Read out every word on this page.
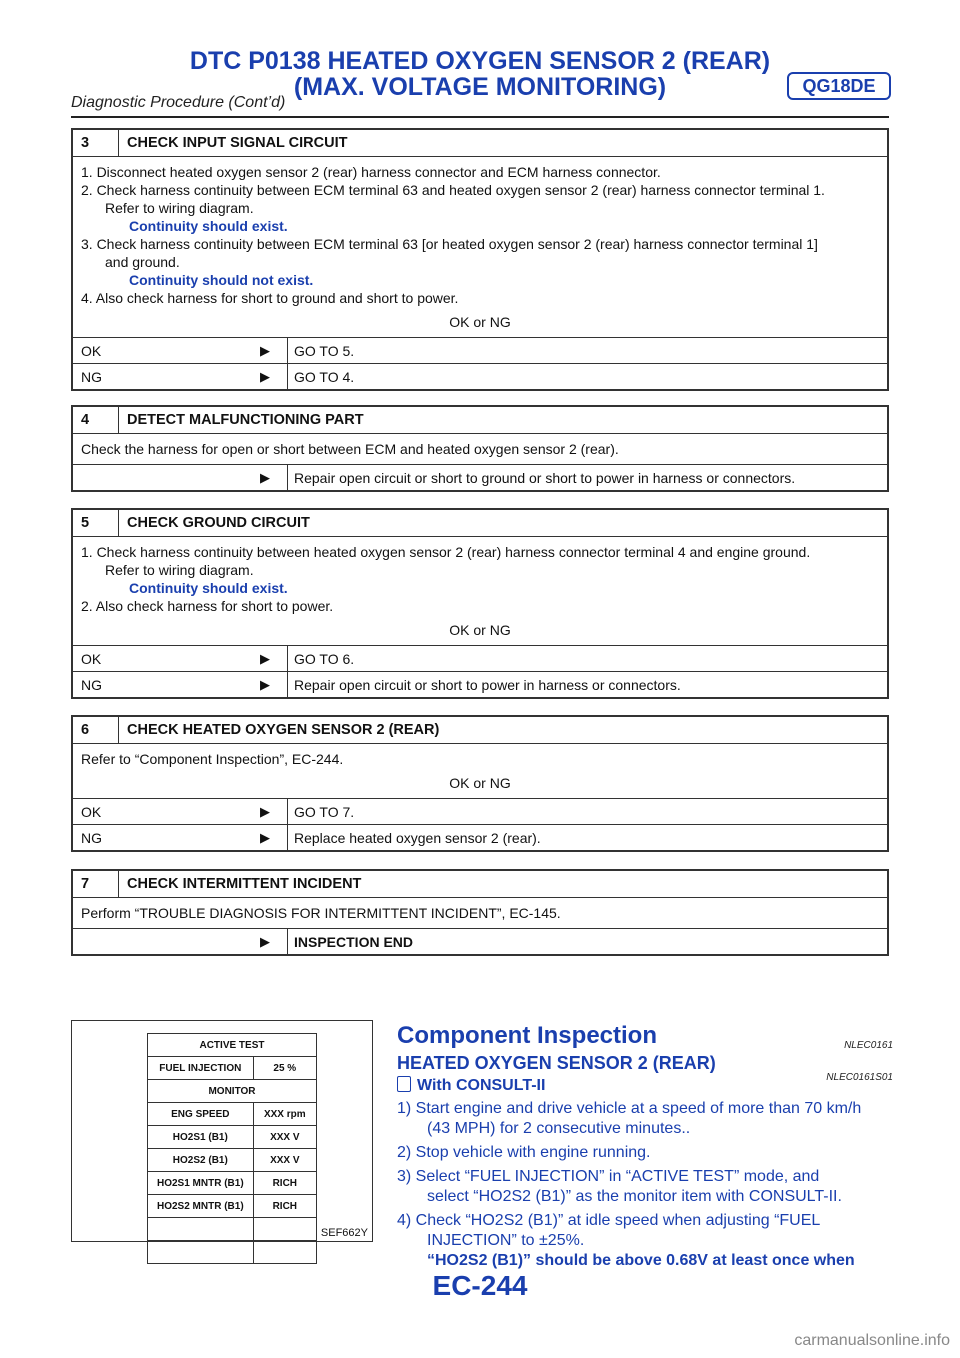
DTC P0138 HEATED OXYGEN SENSOR 2 (REAR)
(MAX. VOLTAGE MONITORING)	QG18DE
Diagnostic Procedure (Cont’d)
3	CHECK INPUT SIGNAL CIRCUIT
1. Disconnect heated oxygen sensor 2 (rear) harness connector and ECM harness connector.
2. Check harness continuity between ECM terminal 63 and heated oxygen sensor 2 (rear) harness connector terminal 1.
Refer to wiring diagram.
Continuity should exist.
3. Check harness continuity between ECM terminal 63 [or heated oxygen sensor 2 (rear) harness connector terminal 1]
and ground.
Continuity should not exist.
4. Also check harness for short to ground and short to power.
OK or NG
OK	▶	GO TO 5.
NG	▶	GO TO 4.
4	DETECT MALFUNCTIONING PART
Check the harness for open or short between ECM and heated oxygen sensor 2 (rear).
▶	Repair open circuit or short to ground or short to power in harness or connectors.
5	CHECK GROUND CIRCUIT
1. Check harness continuity between heated oxygen sensor 2 (rear) harness connector terminal 4 and engine ground.
Refer to wiring diagram.
Continuity should exist.
2. Also check harness for short to power.
OK or NG
OK	▶	GO TO 6.
NG	▶	Repair open circuit or short to power in harness or connectors.
6	CHECK HEATED OXYGEN SENSOR 2 (REAR)
Refer to “Component Inspection”, EC-244.
OK or NG
OK	▶	GO TO 7.
NG	▶	Replace heated oxygen sensor 2 (rear).
7	CHECK INTERMITTENT INCIDENT
Perform “TROUBLE DIAGNOSIS FOR INTERMITTENT INCIDENT”, EC-145.
▶	INSPECTION END
ACTIVE TEST	
FUEL INJECTION	25 %
MONITOR	
ENG SPEED	XXX rpm
HO2S1 (B1)	XXX V
HO2S2 (B1)	XXX V
HO2S1 MNTR (B1)	RICH
HO2S2 MNTR (B1)	RICH

SEF662Y
NLEC0161
Component Inspection
NLEC0161S01
HEATED OXYGEN SENSOR 2 (REAR)
With CONSULT-II

1) Start engine and drive vehicle at a speed of more than 70 km/h

(43 MPH) for 2 consecutive minutes..

2) Stop vehicle with engine running.

3) Select “FUEL INJECTION” in “ACTIVE TEST” mode, and

select “HO2S2 (B1)” as the monitor item with CONSULT-II.

4) Check “HO2S2 (B1)” at idle speed when adjusting “FUEL

INJECTION” to ±25%.

“HO2S2 (B1)” should be above 0.68V at least once when

EC-244
carmanualsonline.info
